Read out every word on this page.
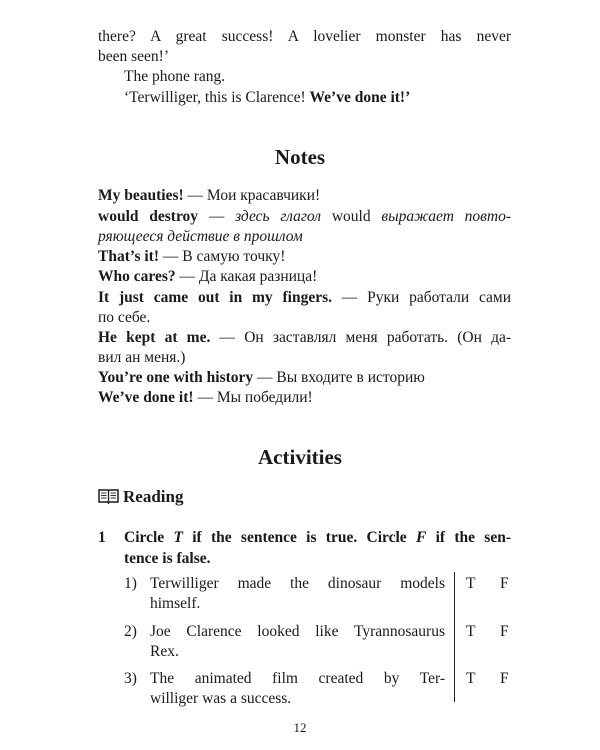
there? A great success! A lovelier monster has never
been seen!’
The phone rang.
‘Terwilliger, this is Clarence! We’ve done it!’
Notes
My beauties! — Мои красавчики!
would destroy — здесь глагол would выражает повто-
ряющееся действие в прошлом
That’s it! — В самую точку!
Who cares? — Да какая разница!
It just came out in my fingers. — Руки работали сами
по себе.
He kept at me. — Он заставлял меня работать. (Он да-
вил ан меня.)
You’re one with history — Вы входите в историю
We’ve done it! — Мы победили!
Activities
Reading
1 Circle T if the sentence is true. Circle F if the sen-
tence is false.
1) Terwilliger made the dinosaur models
himself.
T F
2) Joe Clarence looked like Tyrannosaurus
Rex.
T F
3) The animated film created by Ter-
williger was a success.
T F
12
